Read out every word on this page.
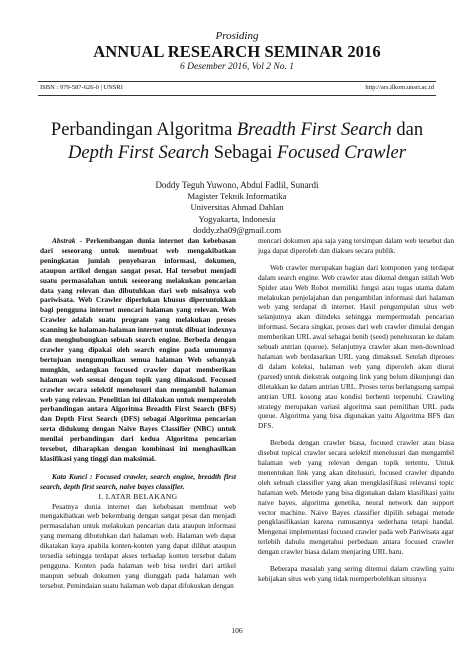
Prosiding
ANNUAL RESEARCH SEMINAR 2016
6 Desember 2016, Vol 2 No. 1
ISBN : 979-587-626-0 | UNSRI	http://ars.ilkom.unsri.ac.id
Perbandingan Algoritma Breadth First Search dan
Depth First Search Sebagai Focused Crawler
Doddy Teguh Yuwono, Abdul Fadlil, Sunardi
Magister Teknik Informatika
Universitas Ahmad Dahlan
Yogyakarta, Indonesia
doddy.zha09@gmail.com

Abstrak - Perkembangan dunia internet dan kebebasan dari seseorang untuk membuat web mengakibatkan peningkatan jumlah penyebaran informasi, dokumen, ataupun artikel dengan sangat pesat. Hal tersebut menjadi suatu permasalahan untuk seseorang melakukan pencarian data yang relevan dan dibutuhkan dari web misalnya web pariwisata. Web Crawler diperlukan khusus diperuntukkan bagi pengguna internet mencari halaman yang relevan. Web Crawler adalah suatu program yang melakukan proses scanning ke halaman-halaman internet untuk dibuat indexnya dan menghubungkan sebuah search engine. Berbeda dengan crawler yang dipakai oleh search engine pada umumnya bertujuan mengumpulkan semua halaman Web sebanyak mungkin, sedangkan focused crawler dapat memberikan halaman web sesuai dengan topik yang dimaksud. Focused crawler secara selektif menelusuri dan mengambil halaman web yang relevan. Penelitian ini dilakukan untuk memperoleh perbandingan antara Algoritma Breadth First Search (BFS) dan Depth First Search (DFS) sebagai Algoritma pencarian serta didukung dengan Naive Bayes Classifier (NBC) untuk menilai perbandingan dari kedua Algoritma pencarian tersebut, diharapkan dengan kombinasi ini menghasilkan klasifikasi yang tinggi dan maksimal.

Kata Kunci : Focused crawler, search engine, breadth first search, depth first search, naive bayes classifier.

I. LATAR BELAKANG

Pesatnya dunia internet dan kebebasan membuat web mengakibatkan web bekembang dengan sangat pesat dan menjadi permasalahan untuk melakukan pencarian data ataupun informasi yang memang dibutuhkan dari halaman web. Halaman web dapat dikatakan kaya apabila konten-konten yang dapat dilihat ataupun tersedia sehingga terdapat akses terhadap konten tersebut dalam pengguna. Konten pada halaman web bisa terdiri dari artikel maupun sebuah dokumen yang diunggah pada halaman web tersebut. Pemindaian suatu halaman web dapat difokuskan dengan

mencari dokumen apa saja yang tersimpan dalam web tersebut dan juga dapat diperoleh dan diakses secara publik.

Web crawler merupakan bagian dari komponen yang terdapat dalam search engine. Web crawler atau dikenal dengan istilah Web Spider atau Web Robot memiliki fungsi atau tugas utama dalam melakukan penjelajahan dan pengambilan informasi dari halaman web yang terdapat di internet. Hasil pengumpulan situs web selanjutnya akan diindeks sehingga mempermudah pencarian informasi. Secara singkat, proses dari web crawler dimulai dengan memberikan URL awal sebagai benih (seed) penelusuran ke dalam sebuah antrian (queue). Selanjutnya crawler akan men-download halaman web berdasarkan URL yang dimaksud. Setelah diproses di dalam koleksi, halaman web yang diperoleh akan diurai (parsed) untuk diekstrak outgoing link yang belum dikunjungi dan diletakkan ke dalam antrian URL. Proses terus berlangsung sampai antrian URL kosong atau kondisi berhenti terpenuhi. Crawling strategy merupakan variasi algoritma saat pemilihan URL pada queue. Algoritma yang bisa digunakan yaitu Algoritma BFS dan DFS.

Berbeda dengan crawler biasa, focused crawler atau biasa disebut topical crawler secara selektif menelusuri dan mengambil halaman web yang relevan dengan topik tertentu. Untuk menentukan link yang akan ditelusuri, focused crawler dipandu oleh sebuah classifier yang akan mengklasifikasi relevansi topic halaman web. Metode yang bisa digunakan dalam klasifikasi yaitu naive bayes, algoritma genetika, neural network dan support vector machine. Naive Bayes classifier dipilih sebagai metode pengklasifikasian karena rumusannya sederhana tetapi handal. Mengenai implementasi focused crawler pada web Pariwisata agar terlebih dahulu mengetahui perbedaan antara focused crawler dengan crawler biasa dalam menjaring URL baru.

Beberapa masalah yang sering ditemui dalam crawling yaitu kebijakan situs web yang tidak memperbolehkan situsnya

106
